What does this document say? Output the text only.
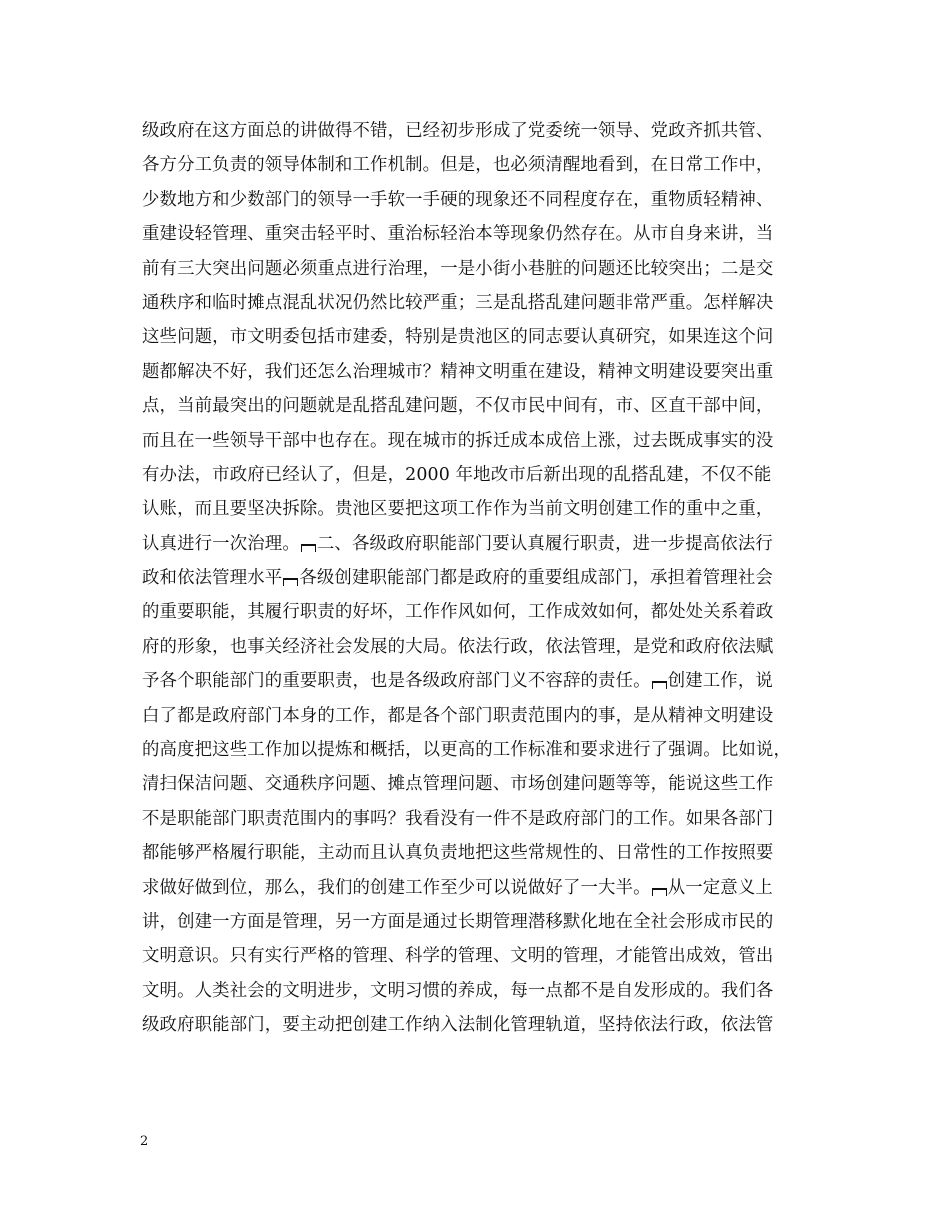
级政府在这方面总的讲做得不错，已经初步形成了党委统一领导、党政齐抓共管、
各方分工负责的领导体制和工作机制。但是，也必须清醒地看到，在日常工作中，
少数地方和少数部门的领导一手软一手硬的现象还不同程度存在，重物质轻精神、
重建设轻管理、重突击轻平时、重治标轻治本等现象仍然存在。从市自身来讲，当
前有三大突出问题必须重点进行治理，一是小街小巷脏的问题还比较突出；二是交
通秩序和临时摊点混乱状况仍然比较严重；三是乱搭乱建问题非常严重。怎样解决
这些问题，市文明委包括市建委，特别是贵池区的同志要认真研究，如果连这个问
题都解决不好，我们还怎么治理城市？精神文明重在建设，精神文明建设要突出重
点，当前最突出的问题就是乱搭乱建问题，不仅市民中间有，市、区直干部中间，
而且在一些领导干部中也存在。现在城市的拆迁成本成倍上涨，过去既成事实的没
有办法，市政府已经认了，但是，2000 年地改市后新出现的乱搭乱建，不仅不能
认账，而且要坚决拆除。贵池区要把这项工作作为当前文明创建工作的重中之重，
认真进行一次治理。 二、各级政府职能部门要认真履行职责，进一步提高依法行
政和依法管理水平 各级创建职能部门都是政府的重要组成部门，承担着管理社会
的重要职能，其履行职责的好坏，工作作风如何，工作成效如何，都处处关系着政
府的形象，也事关经济社会发展的大局。依法行政，依法管理，是党和政府依法赋
予各个职能部门的重要职责，也是各级政府部门义不容辞的责任。 创建工作，说
白了都是政府部门本身的工作，都是各个部门职责范围内的事，是从精神文明建设
的高度把这些工作加以提炼和概括，以更高的工作标准和要求进行了强调。比如说，
清扫保洁问题、交通秩序问题、摊点管理问题、市场创建问题等等，能说这些工作
不是职能部门职责范围内的事吗？我看没有一件不是政府部门的工作。如果各部门
都能够严格履行职能，主动而且认真负责地把这些常规性的、日常性的工作按照要
求做好做到位，那么，我们的创建工作至少可以说做好了一大半。 从一定意义上
讲，创建一方面是管理，另一方面是通过长期管理潜移默化地在全社会形成市民的
文明意识。只有实行严格的管理、科学的管理、文明的管理，才能管出成效，管出
文明。人类社会的文明进步，文明习惯的养成，每一点都不是自发形成的。我们各
级政府职能部门，要主动把创建工作纳入法制化管理轨道，坚持依法行政，依法管
2
